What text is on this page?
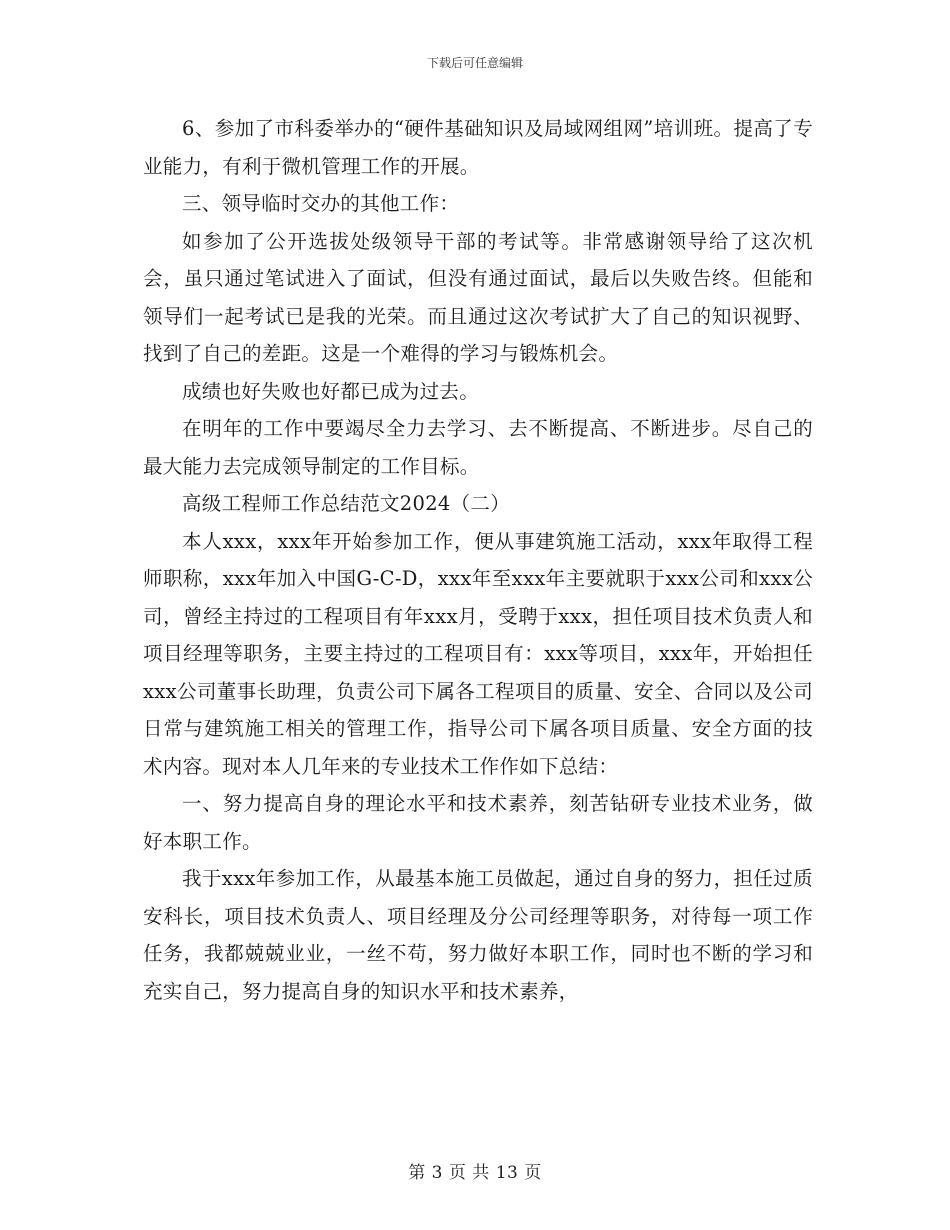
下载后可任意编辑

6、参加了市科委举办的“硬件基础知识及局域网组网”培训班。提高了专业能力，有利于微机管理工作的开展。

三、领导临时交办的其他工作：

如参加了公开选拔处级领导干部的考试等。非常感谢领导给了这次机会，虽只通过笔试进入了面试，但没有通过面试，最后以失败告终。但能和领导们一起考试已是我的光荣。而且通过这次考试扩大了自己的知识视野、找到了自己的差距。这是一个难得的学习与锻炼机会。

成绩也好失败也好都已成为过去。

在明年的工作中要竭尽全力去学习、去不断提高、不断进步。尽自己的最大能力去完成领导制定的工作目标。

高级工程师工作总结范文2024（二）

本人xxx，xxx年开始参加工作，便从事建筑施工活动，xxx年取得工程师职称，xxx年加入中国G-C-D，xxx年至xxx年主要就职于xxx公司和xxx公司，曾经主持过的工程项目有年xxx月，受聘于xxx，担任项目技术负责人和项目经理等职务，主要主持过的工程项目有：xxx等项目，xxx年，开始担任xxx公司董事长助理，负责公司下属各工程项目的质量、安全、合同以及公司日常与建筑施工相关的管理工作，指导公司下属各项目质量、安全方面的技术内容。现对本人几年来的专业技术工作作如下总结：

一、努力提高自身的理论水平和技术素养，刻苦钻研专业技术业务，做好本职工作。

我于xxx年参加工作，从最基本施工员做起，通过自身的努力，担任过质安科长，项目技术负责人、项目经理及分公司经理等职务，对待每一项工作任务，我都兢兢业业，一丝不苟，努力做好本职工作，同时也不断的学习和充实自己，努力提高自身的知识水平和技术素养，

第 3 页 共 13 页
